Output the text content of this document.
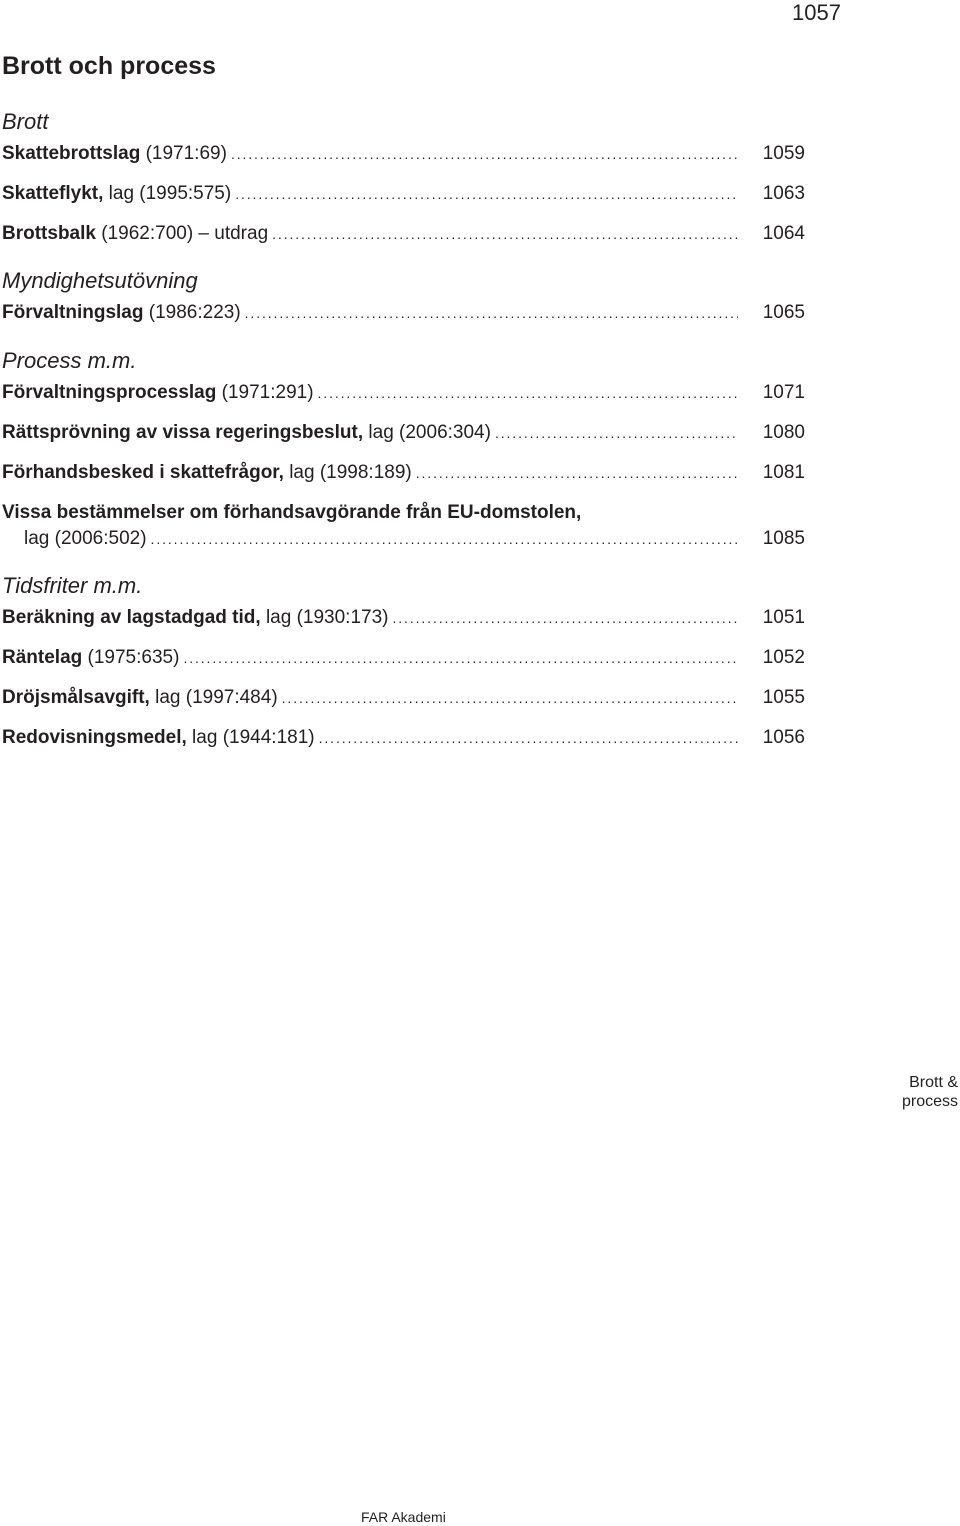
1057
Brott och process
Brott
Skattebrottslag (1971:69) . . .	1059
Skatteflykt, lag (1995:575) . . .	1063
Brottsbalk (1962:700) – utdrag . . .	1064
Myndighetsutövning
Förvaltningslag (1986:223) . . .	1065
Process m.m.
Förvaltningsprocesslag (1971:291) . . .	1071
Rättsprövning av vissa regeringsbeslut, lag (2006:304) . . .	1080
Förhandsbesked i skattefrågor, lag (1998:189) . . .	1081
Vissa bestämmelser om förhandsavgörande från EU-domstolen,
lag (2006:502) . . .	1085
Tidsfriter m.m.
Beräkning av lagstadgad tid, lag (1930:173) . . .	1051
Räntelag (1975:635) . . .	1052
Dröjsmålsavgift, lag (1997:484) . . .	1055
Redovisningsmedel, lag (1944:181) . . .	1056
Brott &
process
FAR Akademi
